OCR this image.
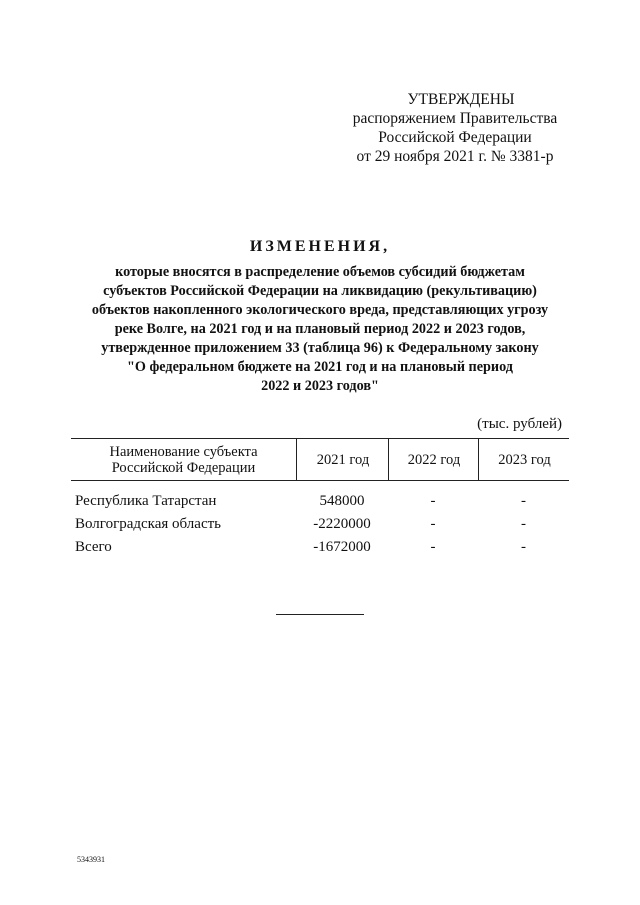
УТВЕРЖДЕНЫ
распоряжением Правительства
Российской Федерации
от 29 ноября 2021 г. № 3381-р
ИЗМЕНЕНИЯ,
которые вносятся в распределение объемов субсидий бюджетам
субъектов Российской Федерации на ликвидацию (рекультивацию)
объектов накопленного экологического вреда, представляющих угрозу
реке Волге, на 2021 год и на плановый период 2022 и 2023 годов,
утвержденное приложением 33 (таблица 96) к Федеральному закону
"О федеральном бюджете на 2021 год и на плановый период
2022 и 2023 годов"
(тыс. рублей)
Наименование субъекта
Российской Федерации	2021 год	2022 год	2023 год
Республика Татарстан	548000	-	-
Волгоградская область	-2220000	-	-
Всего	-1672000	-	-
5343931
